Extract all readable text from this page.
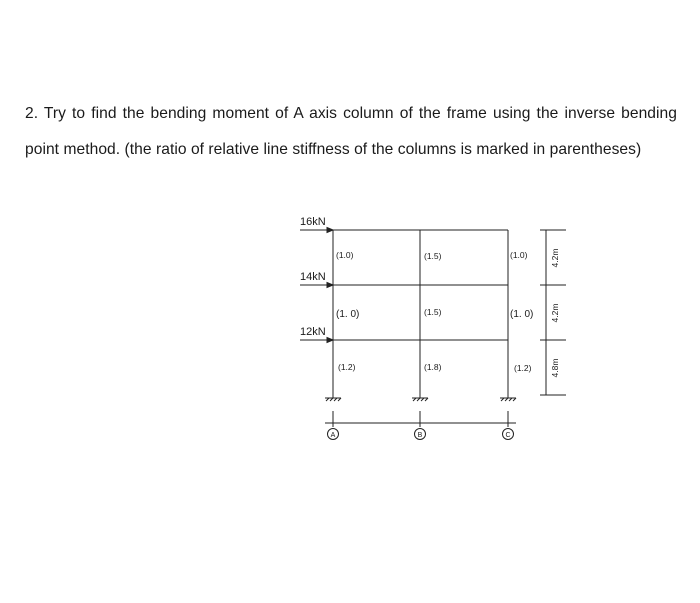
2. Try to find the bending moment of A axis column of the frame using the inverse bending point method. (the ratio of relative line stiffness of the columns is marked in parentheses)

16kN
14kN
12kN
(1.0)	(1.5)	(1.0)
(1. 0)	(1.5)	(1. 0)
(1.2)	(1.8)	(1.2)
4.2m
4.2m
4.8m
A	B	C
